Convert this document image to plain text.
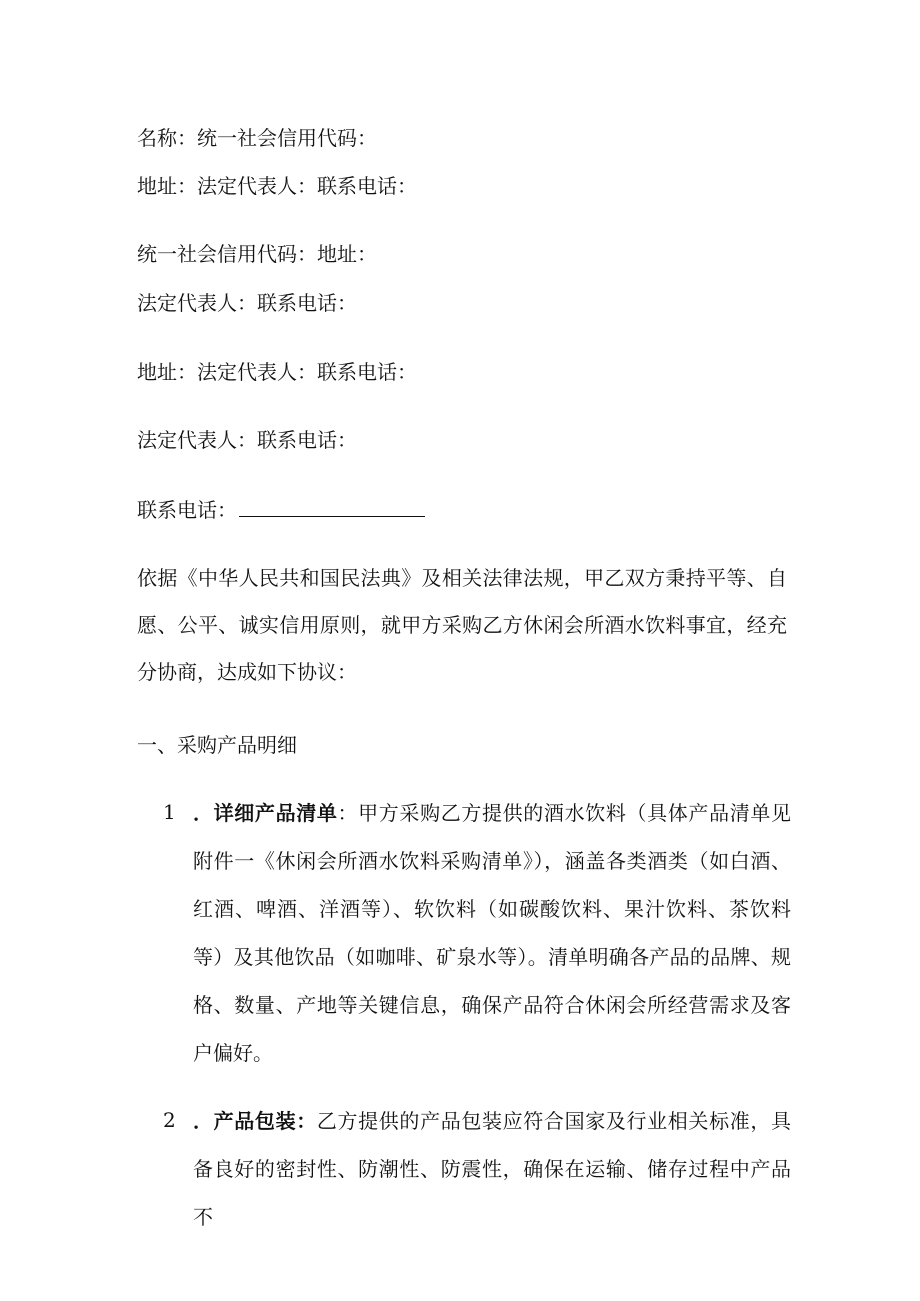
名称：统一社会信用代码：
地址：法定代表人：联系电话：
统一社会信用代码：地址：
法定代表人：联系电话：
地址：法定代表人：联系电话：
法定代表人：联系电话：
联系电话：
依据《中华人民共和国民法典》及相关法律法规，甲乙双方秉持平等、自愿、公平、诚实信用原则，就甲方采购乙方休闲会所酒水饮料事宜，经充分协商，达成如下协议：
一、采购产品明细
1 ．详细产品清单：甲方采购乙方提供的酒水饮料（具体产品清单见附件一《休闲会所酒水饮料采购清单》），涵盖各类酒类（如白酒、红酒、啤酒、洋酒等）、软饮料（如碳酸饮料、果汁饮料、茶饮料等）及其他饮品（如咖啡、矿泉水等）。清单明确各产品的品牌、规格、数量、产地等关键信息，确保产品符合休闲会所经营需求及客户偏好。
2 ．产品包装：乙方提供的产品包装应符合国家及行业相关标准，具备良好的密封性、防潮性、防震性，确保在运输、储存过程中产品不
